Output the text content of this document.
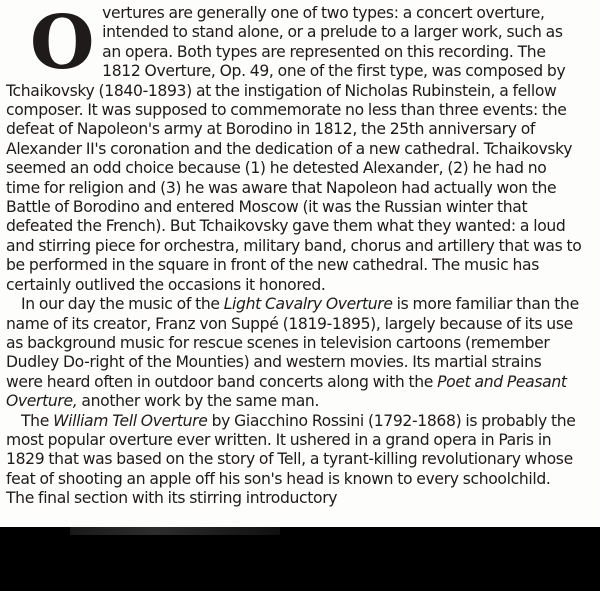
Overtures are generally one of two types: a concert overture, intended to stand alone, or a prelude to a larger work, such as an opera. Both types are represented on this recording. The 1812 Overture, Op. 49, one of the first type, was composed by Tchaikovsky (1840-1893) at the instigation of Nicholas Rubinstein, a fellow composer. It was supposed to commemorate no less than three events: the defeat of Napoleon's army at Borodino in 1812, the 25th anniversary of Alexander II's coronation and the dedication of a new cathedral. Tchaikovsky seemed an odd choice because (1) he detested Alexander, (2) he had no time for religion and (3) he was aware that Napoleon had actually won the Battle of Borodino and entered Moscow (it was the Russian winter that defeated the French). But Tchaikovsky gave them what they wanted: a loud and stirring piece for orchestra, military band, chorus and artillery that was to be performed in the square in front of the new cathedral. The music has certainly outlived the occasions it honored.

In our day the music of the Light Cavalry Overture is more familiar than the name of its creator, Franz von Suppé (1819-1895), largely because of its use as background music for rescue scenes in television cartoons (remember Dudley Do-right of the Mounties) and western movies. Its martial strains were heard often in outdoor band concerts along with the Poet and Peasant Overture, another work by the same man.

The William Tell Overture by Giacchino Rossini (1792-1868) is probably the most popular overture ever written. It ushered in a grand opera in Paris in 1829 that was based on the story of Tell, a tyrant-killing revolutionary whose feat of shooting an apple off his son's head is known to every schoolchild. The final section with its stirring introductory
